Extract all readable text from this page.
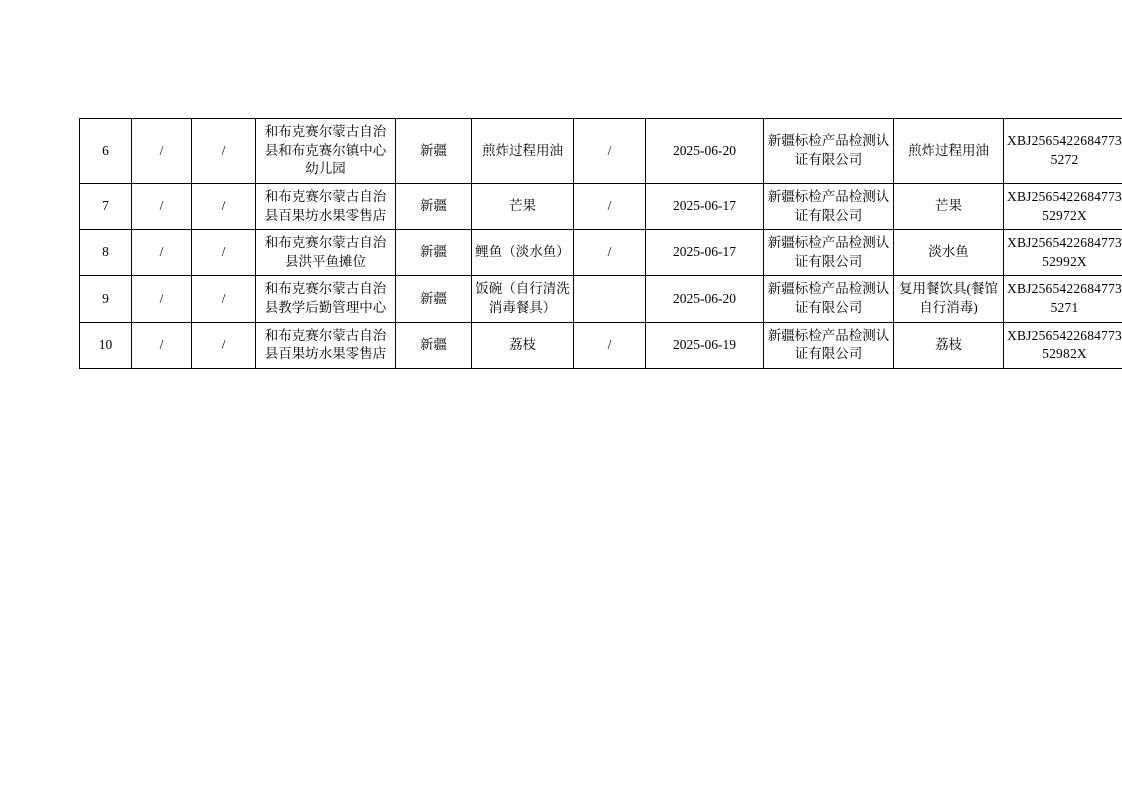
6	/	/	和布克赛尔蒙古自治县和布克赛尔镇中心幼儿园	新疆	煎炸过程用油	/	2025-06-20	新疆标检产品检测认证有限公司	煎炸过程用油	XBJ25654226847735272
7	/	/	和布克赛尔蒙古自治县百果坊水果零售店	新疆	芒果	/	2025-06-17	新疆标检产品检测认证有限公司	芒果	XBJ256542268477352972X
8	/	/	和布克赛尔蒙古自治县洪平鱼摊位	新疆	鲤鱼（淡水鱼）	/	2025-06-17	新疆标检产品检测认证有限公司	淡水鱼	XBJ256542268477352992X
9	/	/	和布克赛尔蒙古自治县教学后勤管理中心	新疆	饭碗（自行清洗消毒餐具）		2025-06-20	新疆标检产品检测认证有限公司	复用餐饮具(餐馆自行消毒)	XBJ25654226847735271
10	/	/	和布克赛尔蒙古自治县百果坊水果零售店	新疆	荔枝	/	2025-06-19	新疆标检产品检测认证有限公司	荔枝	XBJ256542268477352982X
